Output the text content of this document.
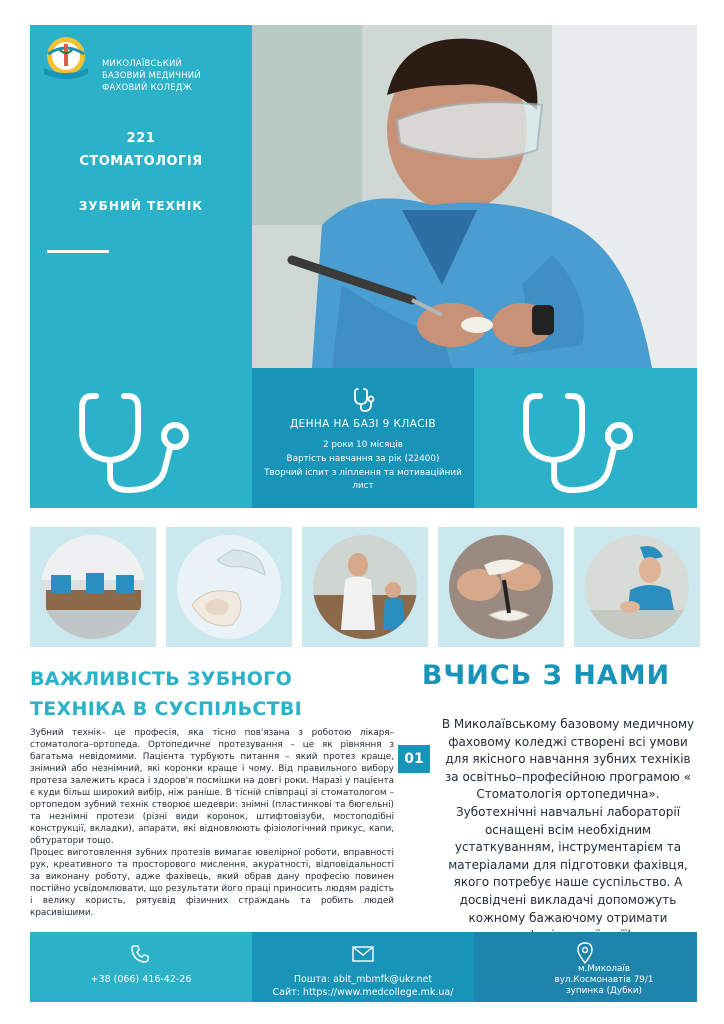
МИКОЛАЇВСЬКИЙ
БАЗОВИЙ МЕДИЧНИЙ
ФАХОВИЙ КОЛЕДЖ
221
СТОМАТОЛОГІЯ
ЗУБНИЙ ТЕХНІК
ДЕННА НА БАЗІ 9 КЛАСІВ
2 роки 10 місяців
Вартість навчання за рік (22400)
Творчий іспит з ліплення та мотиваційний
лист
ВАЖЛИВІСТЬ ЗУБНОГО
ТЕХНІКА В СУСПІЛЬСТВІ
ВЧИСЬ З НАМИ

Зубний технік– це професія, яка тісно пов'язана з роботою лікаря–стоматолога–ортопеда. Ортопедичне протезування – це як рівняння з багатьма невідомими. Пацієнта турбують питання – який протез краще, знімний або незнімний, які коронки краще і чому. Від правильного вибору протеза залежить краса і здоров'я посмішки на довгі роки. Наразі у пацієнта є куди більш широкий вибір, ніж раніше. В тісній співпраці зі стоматологом – ортопедом зубний технік створює шедеври: знімні (пластинкові та бюгельні) та незнімні протези (різні види коронок, штифтовізуби, мостоподібні конструкції, вкладки), апарати, які відновлюють фізіологічний прикус, капи, обтуратори тощо.

Процес виготовлення зубних протезів вимагає ювелірної роботи, вправності рук, креативного та просторового мислення, акуратності, відповідальності за виконану роботу, адже фахівець, який обрав дану професію повинен постійно усвідомлювати, що результати його праці приносить людям радість і велику користь, рятуєвід фізичних страждань та робить людей красивішими.

01
В Миколаївському базовому медичному фаховому коледжі створені всі умови для якісного навчання зубних техніків за освітньо–професійною програмою « Стоматологія ортопедична». Зуботехнічні навчальні лабораторії оснащені всім необхідним устаткуванням, інструментарієм та матеріалами для підготовки фахівця, якого потребує наше суспільство. А досвідчені викладачі допоможуть кожному бажаючому отримати
+38 (066) 416-42-26	Пошта: abit_mbmfk@ukr.net
Сайт: https://www.medcollege.mk.ua/
м.Миколаїв
вул.Космонавтів 79/1
зупинка (Дубки)
